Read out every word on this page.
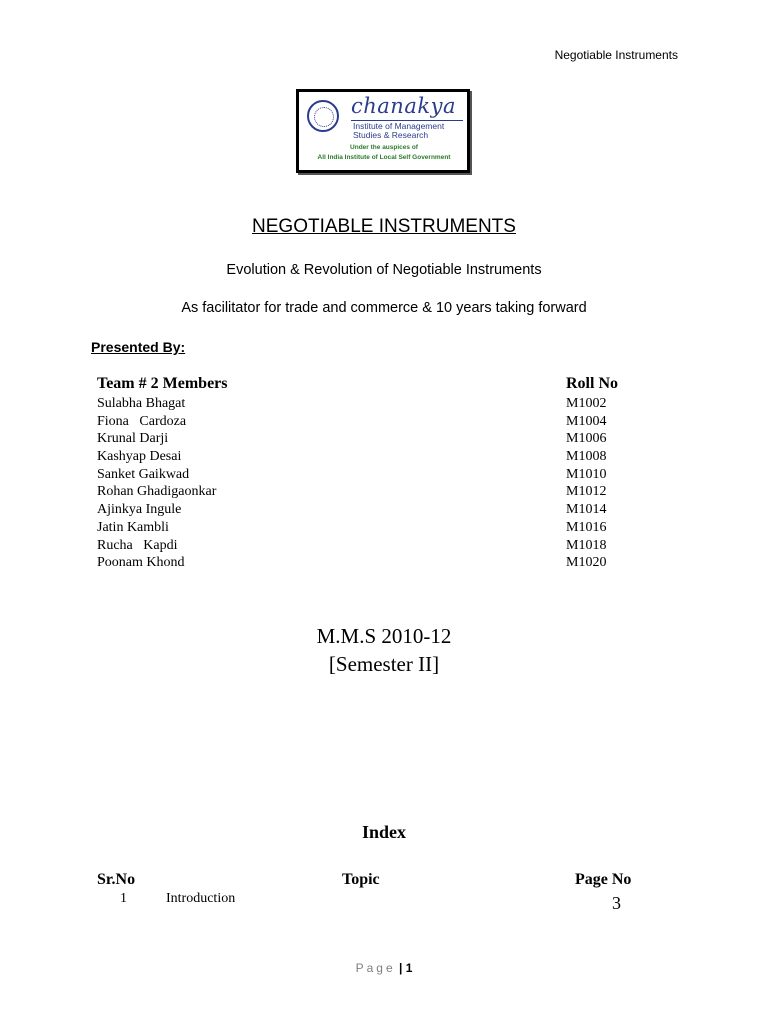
Negotiable Instruments
chanakya
Institute of Management
Studies & Research
Under the auspices of
All India Institute of Local Self Government
NEGOTIABLE INSTRUMENTS
Evolution & Revolution of Negotiable Instruments
As facilitator for trade and commerce & 10 years taking forward
Presented By:
Team # 2 Members	Roll No
Sulabha Bhagat	M1002
Fiona   Cardoza	M1004
Krunal Darji	M1006
Kashyap Desai	M1008
Sanket Gaikwad	M1010
Rohan Ghadigaonkar	M1012
Ajinkya Ingule	M1014
Jatin Kambli	M1016
Rucha   Kapdi	M1018
Poonam Khond	M1020
M.M.S 2010-12
[Semester II]
Index
Sr.No	Topic	Page No
1	Introduction	3
Page | 1
